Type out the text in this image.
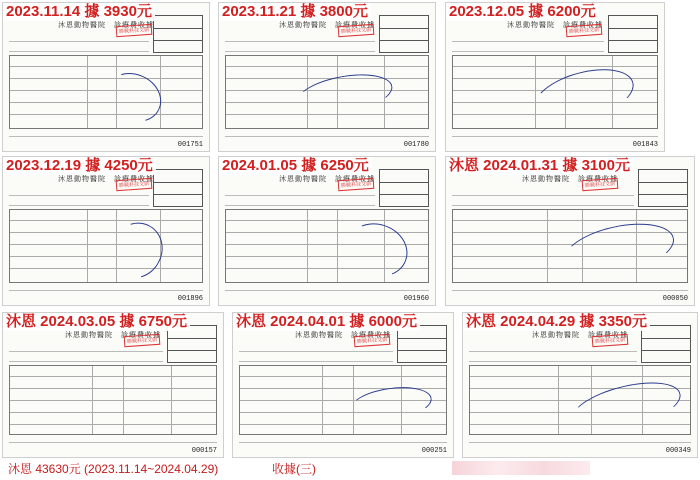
沐恩動物醫院　診療費收據
勝戰科技文創
001751
2023.11.14 據 3930元
沐恩動物醫院　診療費收據
勝戰科技文創
001780
2023.11.21 據 3800元
沐恩動物醫院　診療費收據
勝戰科技文創
001843
2023.12.05 據 6200元
沐恩動物醫院　診療費收據
勝戰科技文創
001896
2023.12.19 據 4250元
沐恩動物醫院　診療費收據
勝戰科技文創
001960
2024.01.05 據 6250元
沐恩動物醫院　診療費收據
勝戰科技文創
000050
沐恩 2024.01.31 據 3100元
沐恩動物醫院　診療費收據
勝戰科技文創
000157
沐恩 2024.03.05 據 6750元
沐恩動物醫院　診療費收據
勝戰科技文創
000251
沐恩 2024.04.01 據 6000元
沐恩動物醫院　診療費收據
勝戰科技文創
000349
沐恩 2024.04.29 據 3350元
沐恩 43630元 (2023.11.14~2024.04.29)	收據(三)
